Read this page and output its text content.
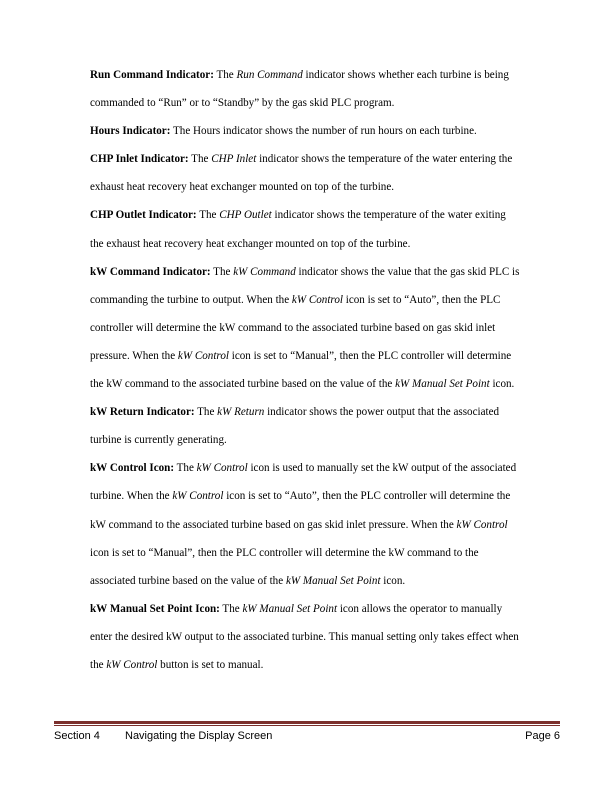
Run Command Indicator: The Run Command indicator shows whether each turbine is being
commanded to “Run” or to “Standby” by the gas skid PLC program.
Hours Indicator: The Hours indicator shows the number of run hours on each turbine.
CHP Inlet Indicator: The CHP Inlet indicator shows the temperature of the water entering the
exhaust heat recovery heat exchanger mounted on top of the turbine.
CHP Outlet Indicator: The CHP Outlet indicator shows the temperature of the water exiting
the exhaust heat recovery heat exchanger mounted on top of the turbine.
kW Command Indicator: The kW Command indicator shows the value that the gas skid PLC is
commanding the turbine to output. When the kW Control icon is set to “Auto”, then the PLC
controller will determine the kW command to the associated turbine based on gas skid inlet
pressure. When the kW Control icon is set to “Manual”, then the PLC controller will determine
the kW command to the associated turbine based on the value of the kW Manual Set Point icon.
kW Return Indicator: The kW Return indicator shows the power output that the associated
turbine is currently generating.
kW Control Icon: The kW Control icon is used to manually set the kW output of the associated
turbine. When the kW Control icon is set to “Auto”, then the PLC controller will determine the
kW command to the associated turbine based on gas skid inlet pressure. When the kW Control
icon is set to “Manual”, then the PLC controller will determine the kW command to the
associated turbine based on the value of the kW Manual Set Point icon.
kW Manual Set Point Icon: The kW Manual Set Point icon allows the operator to manually
enter the desired kW output to the associated turbine. This manual setting only takes effect when
the kW Control button is set to manual.
Section 4 Navigating the Display Screen	Page 6
